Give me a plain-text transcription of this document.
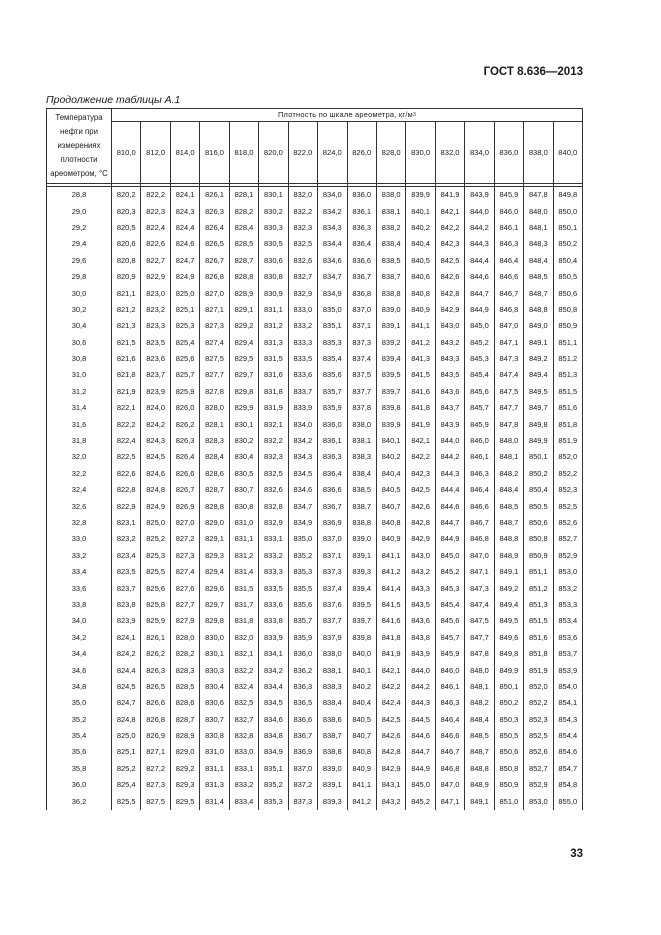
ГОСТ 8.636—2013
Продолжение таблицы А.1
Температура нефти при измерениях плотности ареометром, °С	Плотность по шкале ареометра, $кг/м^3$
	810,0	812,0	814,0	816,0	818,0	820,0	822,0	824,0	826,0	828,0	830,0	832,0	834,0	836,0	838,0	840,0

28,8	820,2	822,2	824,1	826,1	828,1	830,1	832,0	834,0	836,0	838,0	839,9	841,9	843,9	845,9	847,8	849,8
29,0	820,3	822,3	824,3	826,3	828,2	830,2	832,2	834,2	836,1	838,1	840,1	842,1	844,0	846,0	848,0	850,0
29,2	820,5	822,4	824,4	826,4	828,4	830,3	832,3	834,3	836,3	838,2	840,2	842,2	844,2	846,1	848,1	850,1
29,4	820,6	822,6	824,6	826,5	828,5	830,5	832,5	834,4	836,4	838,4	840,4	842,3	844,3	846,3	848,3	850,2
29,6	820,8	822,7	824,7	826,7	828,7	830,6	832,6	834,6	836,6	838,5	840,5	842,5	844,4	846,4	848,4	850,4
29,8	820,9	822,9	824,9	826,8	828,8	830,8	832,7	834,7	836,7	838,7	840,6	842,6	844,6	846,6	848,5	850,5
30,0	821,1	823,0	825,0	827,0	828,9	830,9	832,9	834,9	836,8	838,8	840,8	842,8	844,7	846,7	848,7	850,6
30,2	821,2	823,2	825,1	827,1	829,1	831,1	833,0	835,0	837,0	839,0	840,9	842,9	844,9	846,8	848,8	850,8
30,4	821,3	823,3	825,3	827,3	829,2	831,2	833,2	835,1	837,1	839,1	841,1	843,0	845,0	847,0	849,0	850,9
30,6	821,5	823,5	825,4	827,4	829,4	831,3	833,3	835,3	837,3	839,2	841,2	843,2	845,2	847,1	849,1	851,1
30,8	821,6	823,6	825,6	827,5	829,5	831,5	833,5	835,4	837,4	839,4	841,3	843,3	845,3	847,3	849,2	851,2
31,0	821,8	823,7	825,7	827,7	829,7	831,6	833,6	835,6	837,5	839,5	841,5	843,5	845,4	847,4	849,4	851,3
31,2	821,9	823,9	825,9	827,8	829,8	831,8	833,7	835,7	837,7	839,7	841,6	843,6	845,6	847,5	849,5	851,5
31,4	822,1	824,0	826,0	828,0	829,9	831,9	833,9	835,9	837,8	839,8	841,8	843,7	845,7	847,7	849,7	851,6
31,6	822,2	824,2	826,2	828,1	830,1	832,1	834,0	836,0	838,0	839,9	841,9	843,9	845,9	847,8	849,8	851,8
31,8	822,4	824,3	826,3	828,3	830,2	832,2	834,2	836,1	838,1	840,1	842,1	844,0	846,0	848,0	849,9	851,9
32,0	822,5	824,5	826,4	828,4	830,4	832,3	834,3	836,3	838,3	840,2	842,2	844,2	846,1	848,1	850,1	852,0
32,2	822,6	824,6	826,6	828,6	830,5	832,5	834,5	836,4	838,4	840,4	842,3	844,3	846,3	848,2	850,2	852,2
32,4	822,8	824,8	826,7	828,7	830,7	832,6	834,6	836,6	838,5	840,5	842,5	844,4	846,4	848,4	850,4	852,3
32,6	822,9	824,9	826,9	828,8	830,8	832,8	834,7	836,7	838,7	840,7	842,6	844,6	846,6	848,5	850,5	852,5
32,8	823,1	825,0	827,0	829,0	831,0	832,9	834,9	836,9	838,8	840,8	842,8	844,7	846,7	848,7	850,6	852,6
33,0	823,2	825,2	827,2	829,1	831,1	833,1	835,0	837,0	839,0	840,9	842,9	844,9	846,8	848,8	850,8	852,7
33,2	823,4	825,3	827,3	829,3	831,2	833,2	835,2	837,1	839,1	841,1	843,0	845,0	847,0	848,9	850,9	852,9
33,4	823,5	825,5	827,4	829,4	831,4	833,3	835,3	837,3	839,3	841,2	843,2	845,2	847,1	849,1	851,1	853,0
33,6	823,7	825,6	827,6	829,6	831,5	833,5	835,5	837,4	839,4	841,4	843,3	845,3	847,3	849,2	851,2	853,2
33,8	823,8	825,8	827,7	829,7	831,7	833,6	835,6	837,6	839,5	841,5	843,5	845,4	847,4	849,4	851,3	853,3
34,0	823,9	825,9	827,9	829,8	831,8	833,8	835,7	837,7	839,7	841,6	843,6	845,6	847,5	849,5	851,5	853,4
34,2	824,1	826,1	828,0	830,0	832,0	833,9	835,9	837,9	839,8	841,8	843,8	845,7	847,7	849,6	851,6	853,6
34,4	824,2	826,2	828,2	830,1	832,1	834,1	836,0	838,0	840,0	841,9	843,9	845,9	847,8	849,8	851,8	853,7
34,6	824,4	826,3	828,3	830,3	832,2	834,2	836,2	838,1	840,1	842,1	844,0	846,0	848,0	849,9	851,9	853,9
34,8	824,5	826,5	828,5	830,4	832,4	834,4	836,3	838,3	840,2	842,2	844,2	846,1	848,1	850,1	852,0	854,0
35,0	824,7	826,6	828,6	830,6	832,5	834,5	836,5	838,4	840,4	842,4	844,3	846,3	848,2	850,2	852,2	854,1
35,2	824,8	826,8	828,7	830,7	832,7	834,6	836,6	838,6	840,5	842,5	844,5	846,4	848,4	850,3	852,3	854,3
35,4	825,0	826,9	828,9	830,8	832,8	834,8	836,7	838,7	840,7	842,6	844,6	846,6	848,5	850,5	852,5	854,4
35,6	825,1	827,1	829,0	831,0	833,0	834,9	836,9	838,8	840,8	842,8	844,7	846,7	848,7	850,6	852,6	854,6
35,8	825,2	827,2	829,2	831,1	833,1	835,1	837,0	839,0	840,9	842,9	844,9	846,8	848,8	850,8	852,7	854,7
36,0	825,4	827,3	829,3	831,3	833,2	835,2	837,2	839,1	841,1	843,1	845,0	847,0	848,9	850,9	852,9	854,8
36,2	825,5	827,5	829,5	831,4	833,4	835,3	837,3	839,3	841,2	843,2	845,2	847,1	849,1	851,0	853,0	855,0
33
